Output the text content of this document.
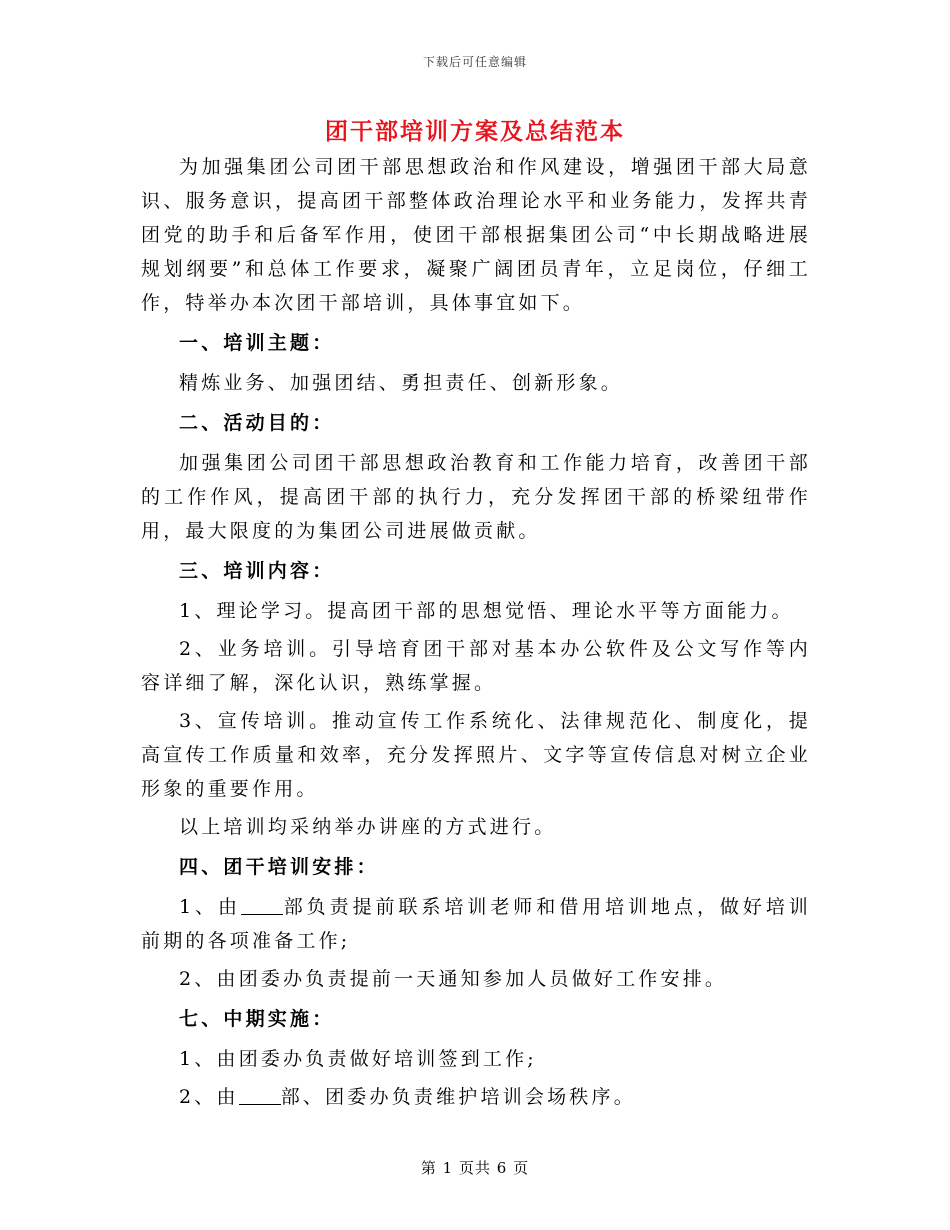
下载后可任意编辑
团干部培训方案及总结范本

为加强集团公司团干部思想政治和作风建设，增强团干部大局意识、服务意识，提高团干部整体政治理论水平和业务能力，发挥共青团党的助手和后备军作用，使团干部根据集团公司“中长期战略进展规划纲要”和总体工作要求，凝聚广阔团员青年，立足岗位，仔细工作，特举办本次团干部培训，具体事宜如下。

一、培训主题：

精炼业务、加强团结、勇担责任、创新形象。

二、活动目的：

加强集团公司团干部思想政治教育和工作能力培育，改善团干部的工作作风，提高团干部的执行力，充分发挥团干部的桥梁纽带作用，最大限度的为集团公司进展做贡献。

三、培训内容：

1、理论学习。提高团干部的思想觉悟、理论水平等方面能力。

2、业务培训。引导培育团干部对基本办公软件及公文写作等内容详细了解，深化认识，熟练掌握。

3、宣传培训。推动宣传工作系统化、法律规范化、制度化，提高宣传工作质量和效率，充分发挥照片、文字等宣传信息对树立企业形象的重要作用。

以上培训均采纳举办讲座的方式进行。

四、团干培训安排：

1、由 部负责提前联系培训老师和借用培训地点，做好培训前期的各项准备工作;

2、由团委办负责提前一天通知参加人员做好工作安排。

七、中期实施：

1、由团委办负责做好培训签到工作;

2、由 部、团委办负责维护培训会场秩序。

第 1 页共 6 页
